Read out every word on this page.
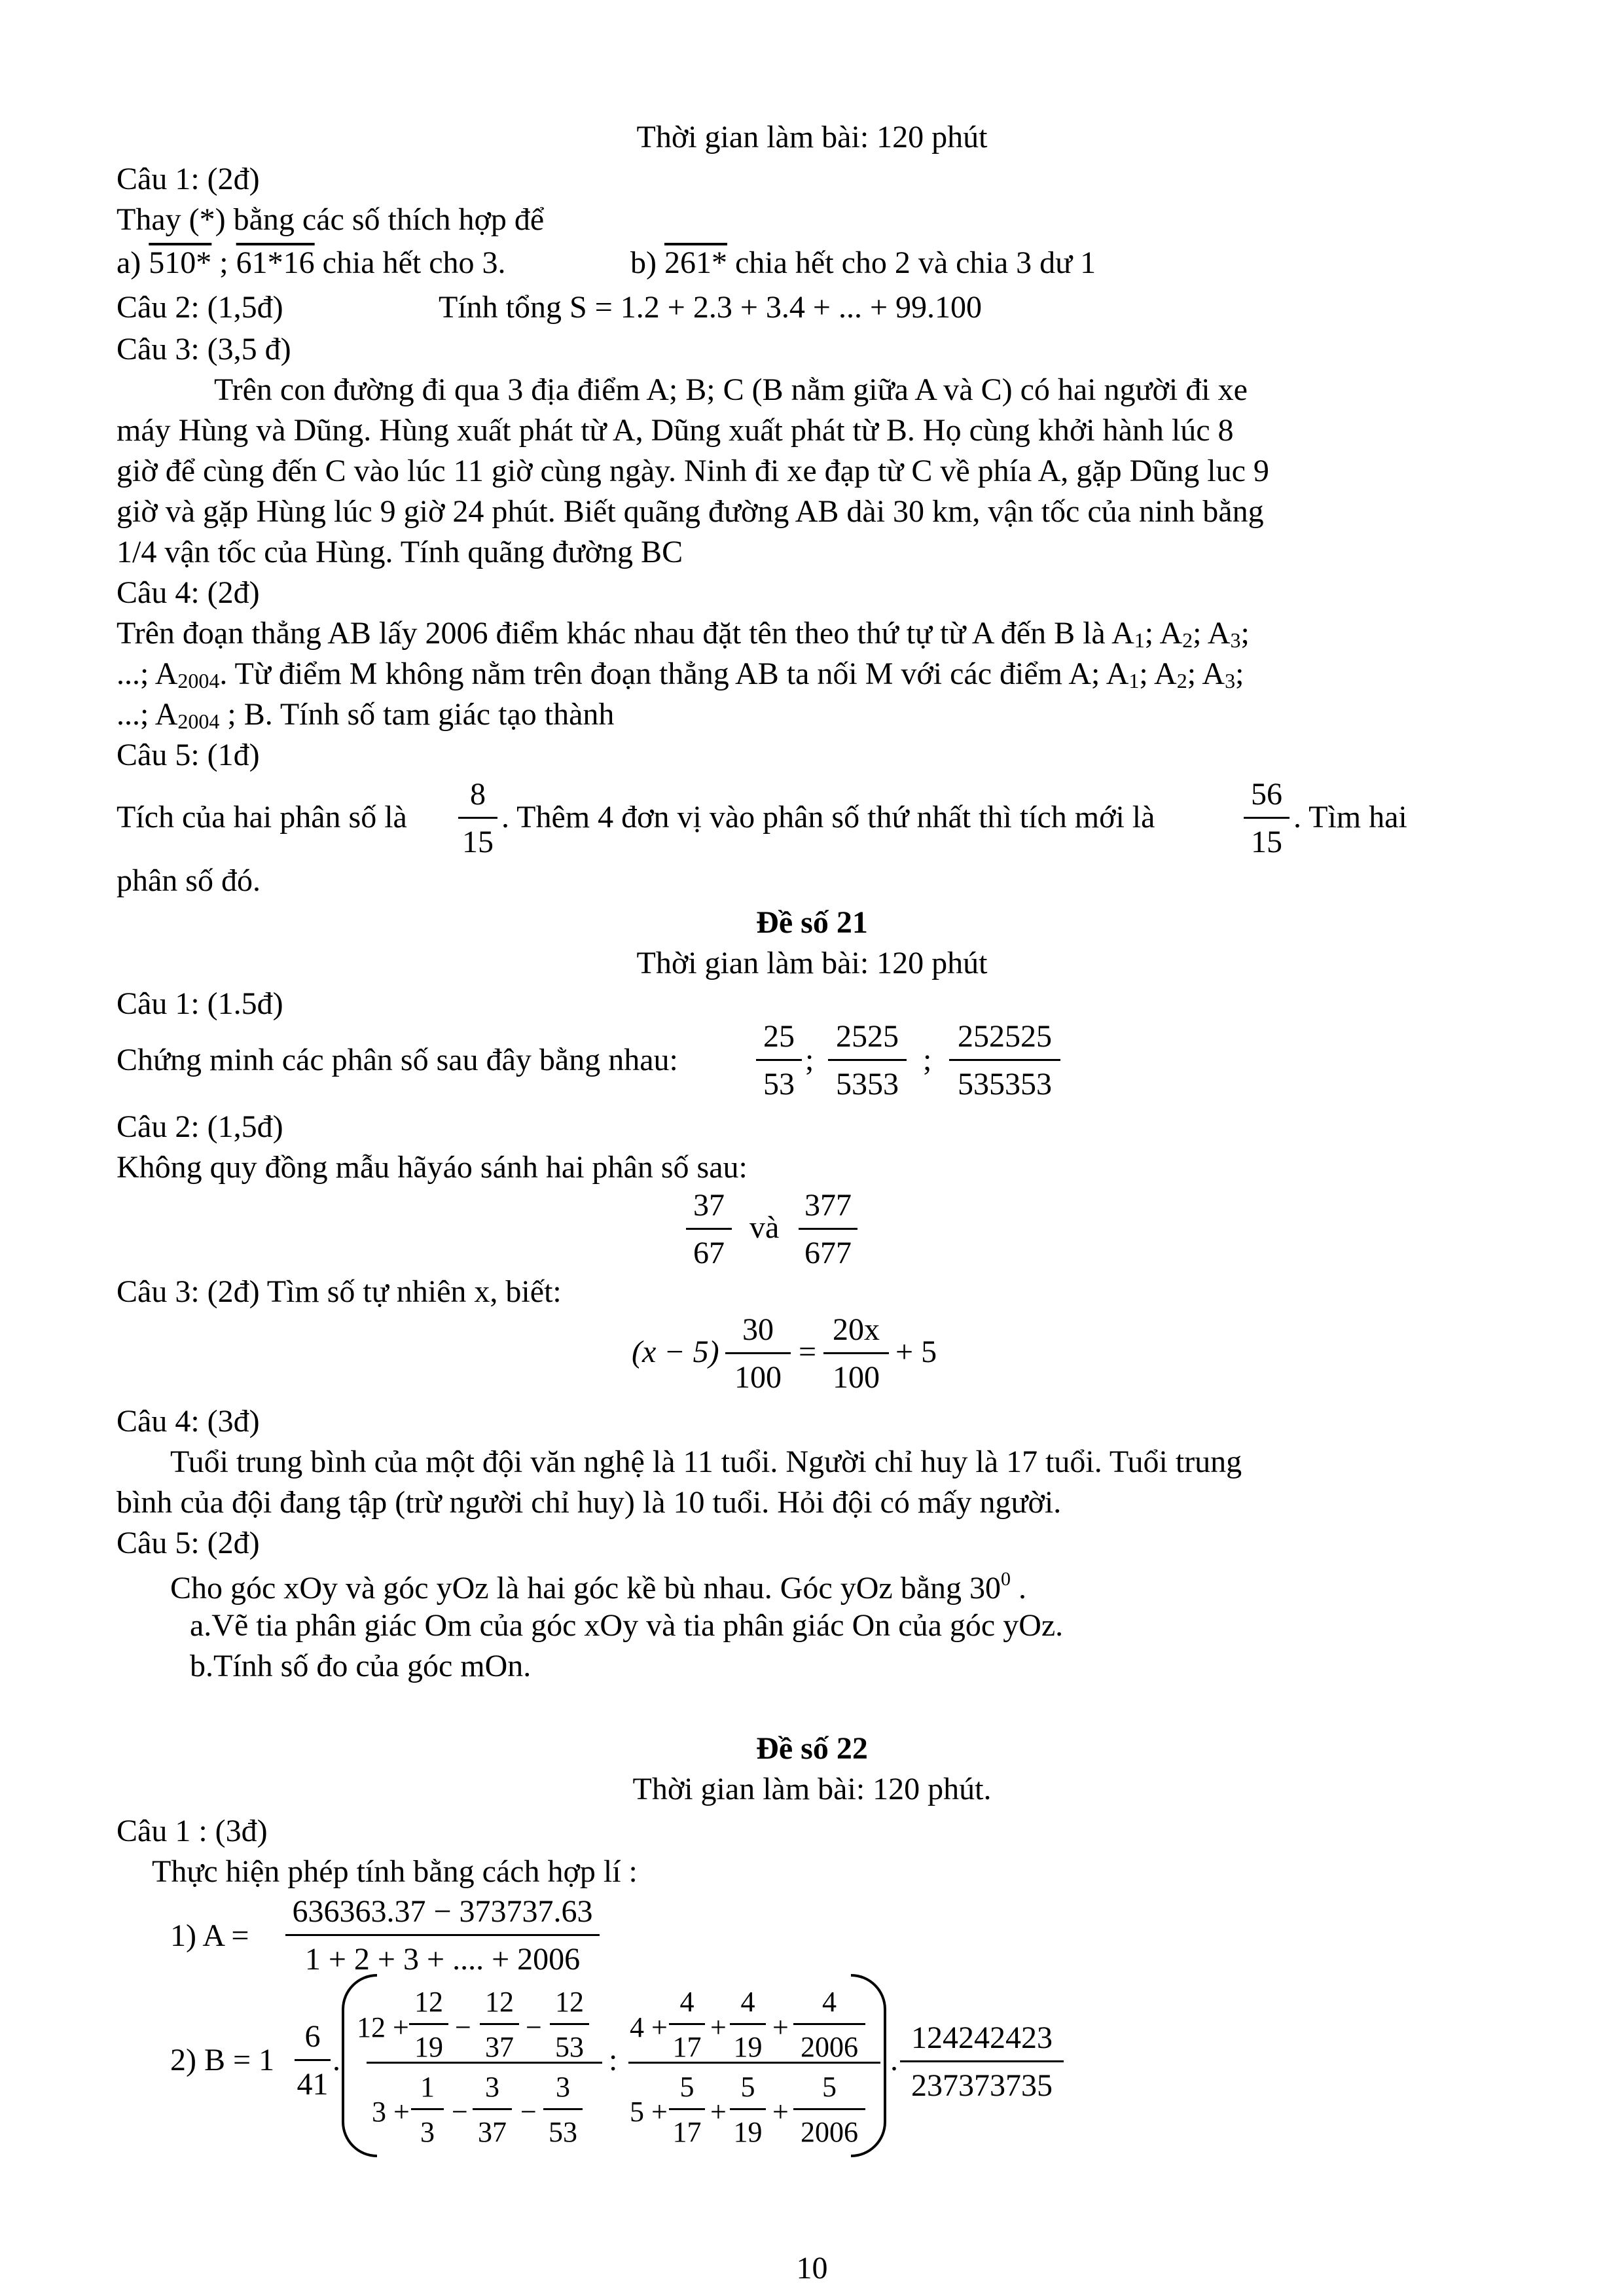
Thời gian làm bài: 120 phút
Câu 1: (2đ)
Thay (*) bằng các số thích hợp để
a) 510* ; 61*16 chia hết cho 3.	b) 261* chia hết cho 2 và chia 3 dư 1
Câu 2: (1,5đ)	Tính tổng S = 1.2 + 2.3 + 3.4 + ... + 99.100
Câu 3: (3,5 đ)
Trên con đường đi qua 3 địa điểm A; B; C (B nằm giữa A và C) có hai người đi xe
máy Hùng và Dũng. Hùng xuất phát từ A, Dũng xuất phát từ B. Họ cùng khởi hành lúc 8
giờ để cùng đến C vào lúc 11 giờ cùng ngày. Ninh đi xe đạp từ C về phía A, gặp Dũng luc 9
giờ và gặp Hùng lúc 9 giờ 24 phút. Biết quãng đường AB dài 30 km, vận tốc của ninh bằng
1/4 vận tốc của Hùng. Tính quãng đường BC
Câu 4: (2đ)
Trên đoạn thẳng AB lấy 2006 điểm khác nhau đặt tên theo thứ tự từ A đến B là A1; A2; A3;
...; A2004. Từ điểm M không nằm trên đoạn thẳng AB ta nối M với các điểm A; A1; A2; A3;
...; A2004 ; B. Tính số tam giác tạo thành
Câu 5: (1đ)
Tích của hai phân số là
8
15
. Thêm 4 đơn vị vào phân số thứ nhất thì tích mới là
56
15
. Tìm hai
phân số đó.
Đề số 21
Thời gian làm bài: 120 phút
Câu 1: (1.5đ)
Chứng minh các phân số sau đây bằng nhau:
25
53
;
2525
5353
;
252525
535353
Câu 2: (1,5đ)
Không quy đồng mẫu hãyáo sánh hai phân số sau:
37
67
và
377
677
Câu 3: (2đ) Tìm số tự nhiên x, biết:
(x − 5)
30
100
=
20x
100
+ 5
Câu 4: (3đ)
Tuổi trung bình của một đội văn nghệ là 11 tuổi. Người chỉ huy là 17 tuổi. Tuổi trung
bình của đội đang tập (trừ người chỉ huy) là 10 tuổi. Hỏi đội có mấy người.
Câu 5: (2đ)
Cho góc xOy và góc yOz là hai góc kề bù nhau. Góc yOz bằng $30^0$ .
a.Vẽ tia phân giác Om của góc xOy và tia phân giác On của góc yOz.
b.Tính số đo của góc mOn.
Đề số 22
Thời gian làm bài: 120 phút.
Câu 1 : (3đ)
Thực hiện phép tính bằng cách hợp lí :
1) A =
636363.37 − 373737.63
1 + 2 + 3 + .... + 2006
2) B = 1
6
41
.
12 +
12
19
−
12
37
−
12
53
3 +
1
3
−
3
37
−
3
53
:
4 +
4
17
+
4
19
+
4
2006
5 +
5
17
+
5
19
+
5
2006
.
124242423
237373735
10
